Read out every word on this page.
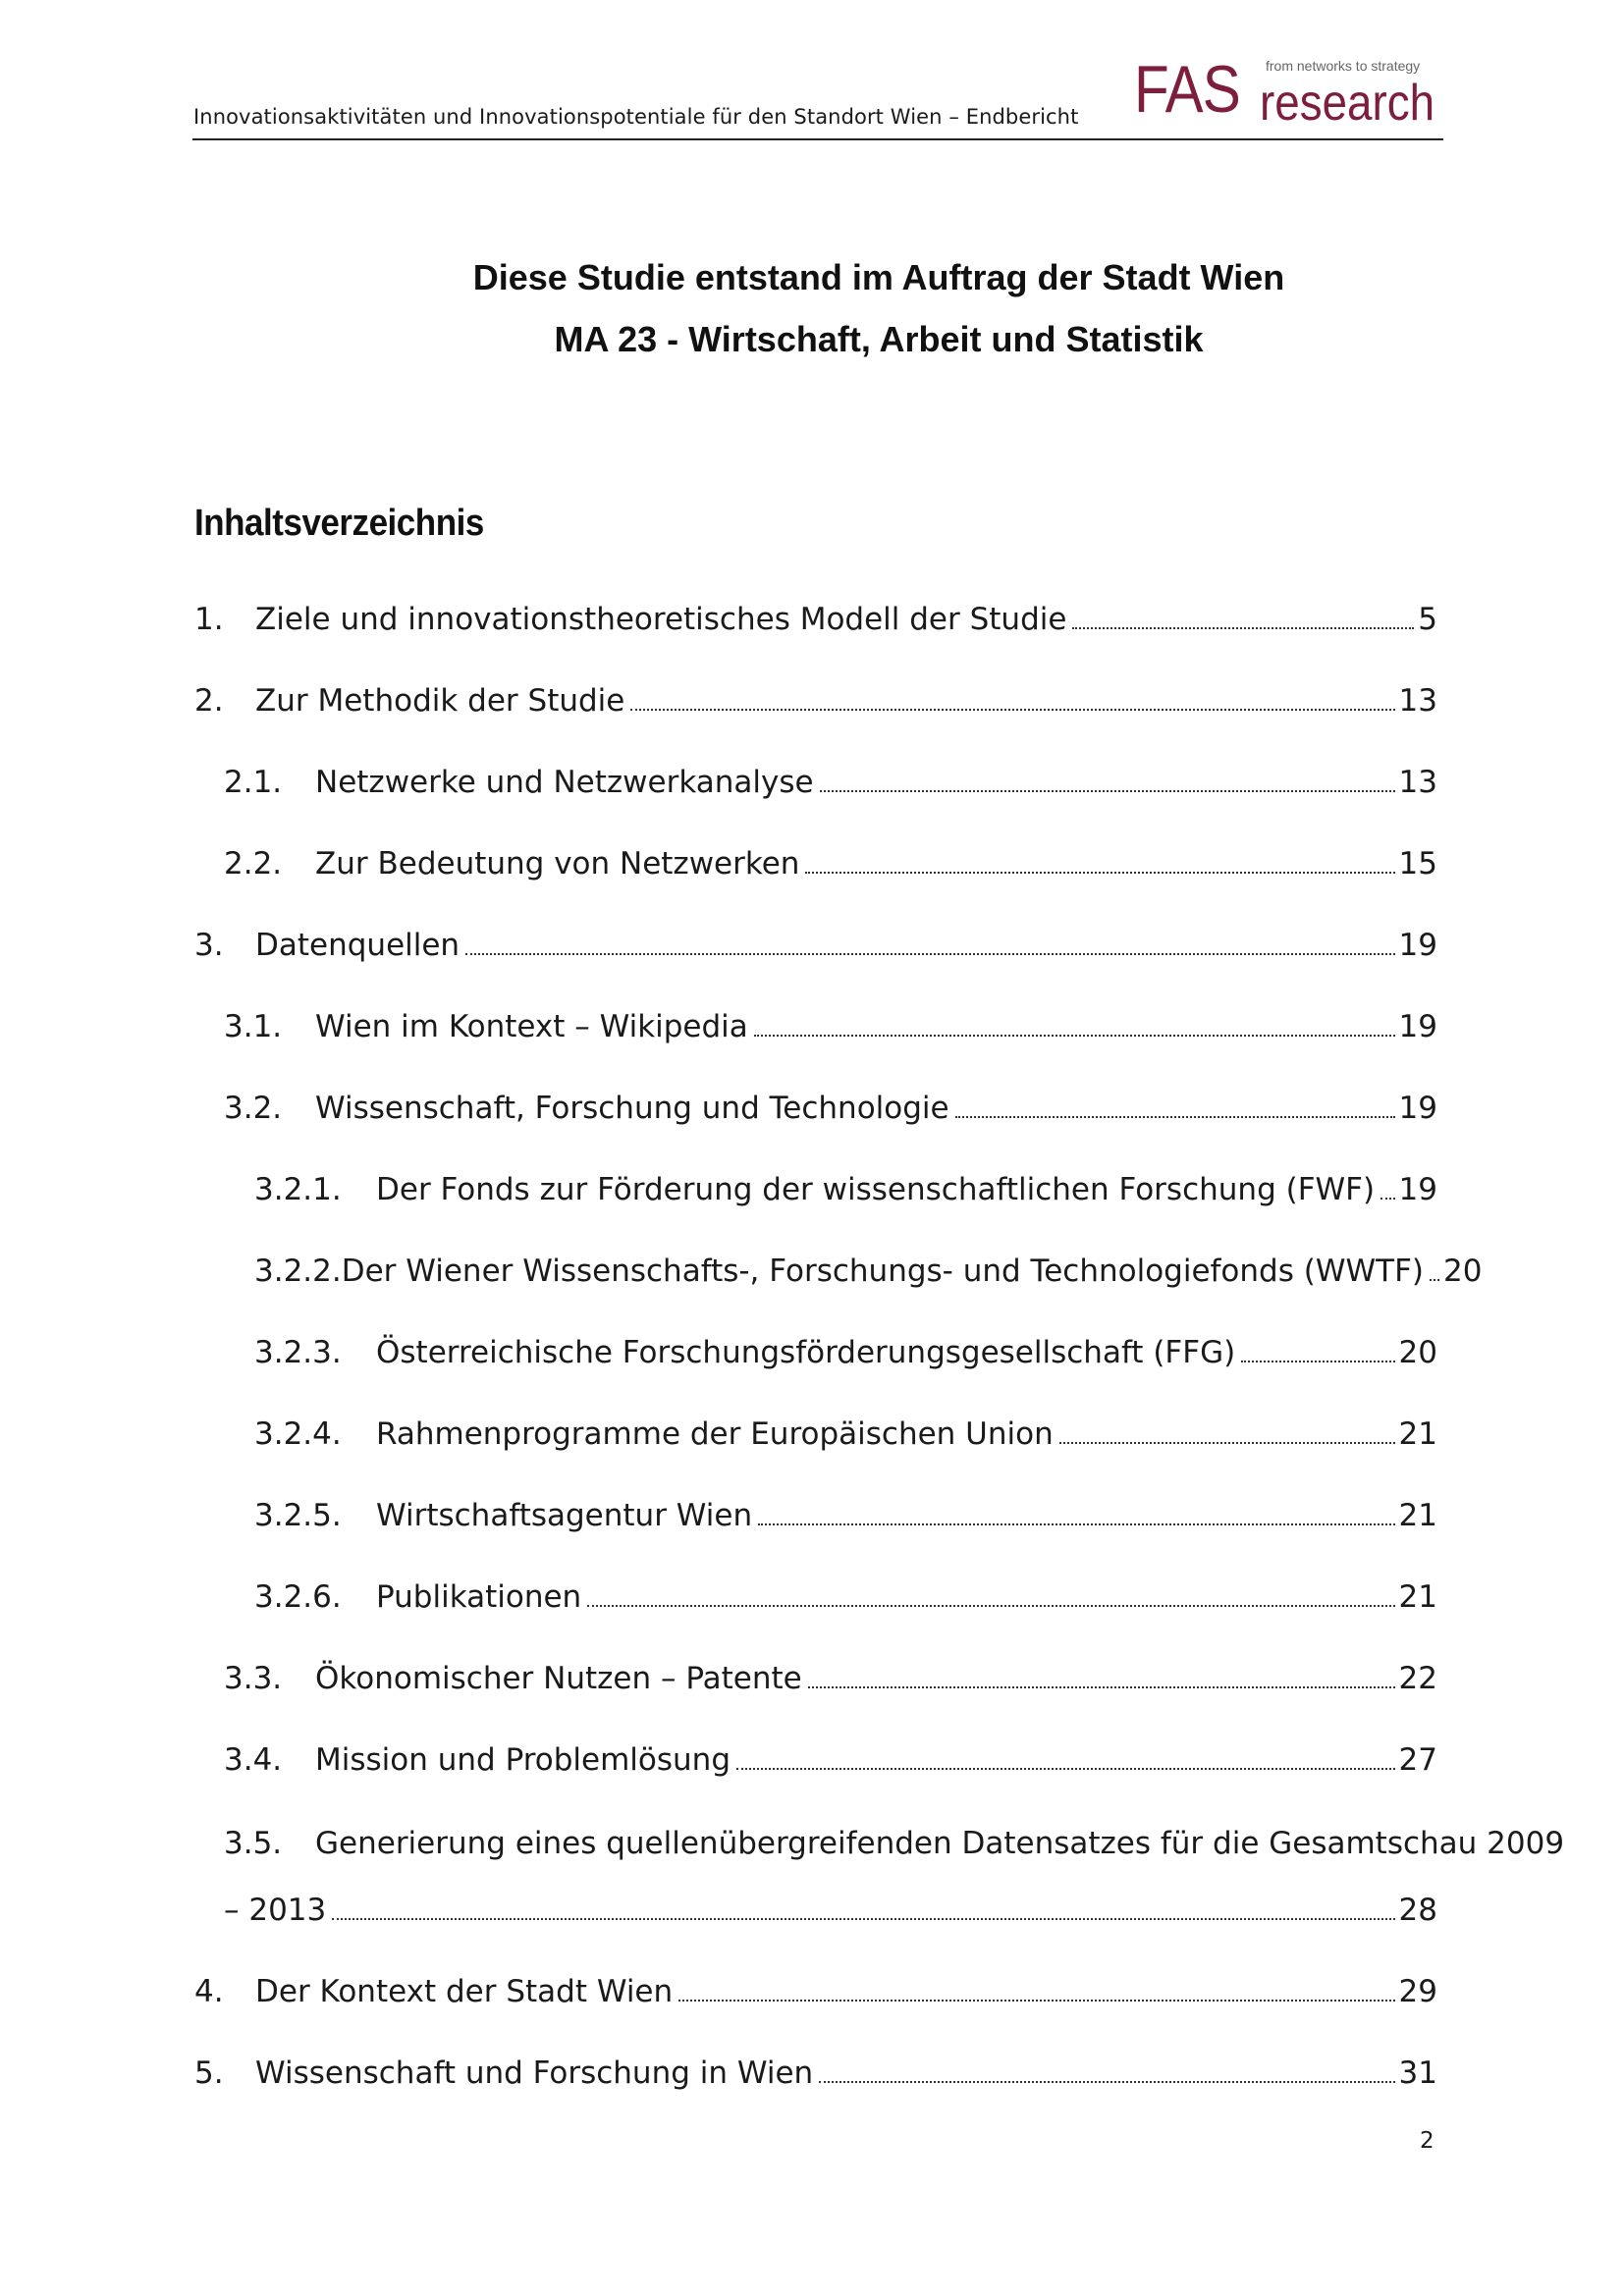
Innovationsaktivitäten und Innovationspotentiale für den Standort Wien – Endbericht FAS from networks to strategy
research
Diese Studie entstand im Auftrag der Stadt Wien
MA 23 - Wirtschaft, Arbeit und Statistik
Inhaltsverzeichnis
1.	Ziele und innovationstheoretisches Modell der Studie	5
2.	Zur Methodik der Studie	13
2.1.	Netzwerke und Netzwerkanalyse	13
2.2.	Zur Bedeutung von Netzwerken	15
3.	Datenquellen	19
3.1.	Wien im Kontext – Wikipedia	19
3.2.	Wissenschaft, Forschung und Technologie	19
3.2.1.	Der Fonds zur Förderung der wissenschaftlichen Forschung (FWF) 19
3.2.2. Der Wiener Wissenschafts-, Forschungs- und Technologiefonds (WWTF) 20
3.2.3.	Österreichische Forschungsförderungsgesellschaft (FFG)	20
3.2.4.	Rahmenprogramme der Europäischen Union	21
3.2.5.	Wirtschaftsagentur Wien	21
3.2.6.	Publikationen	21
3.3.	Ökonomischer Nutzen – Patente	22
3.4.	Mission und Problemlösung	27
3.5. Generierung eines quellenübergreifenden Datensatzes für die Gesamtschau 2009
– 2013	28
4.	Der Kontext der Stadt Wien	29
5.	Wissenschaft und Forschung in Wien	31
2
